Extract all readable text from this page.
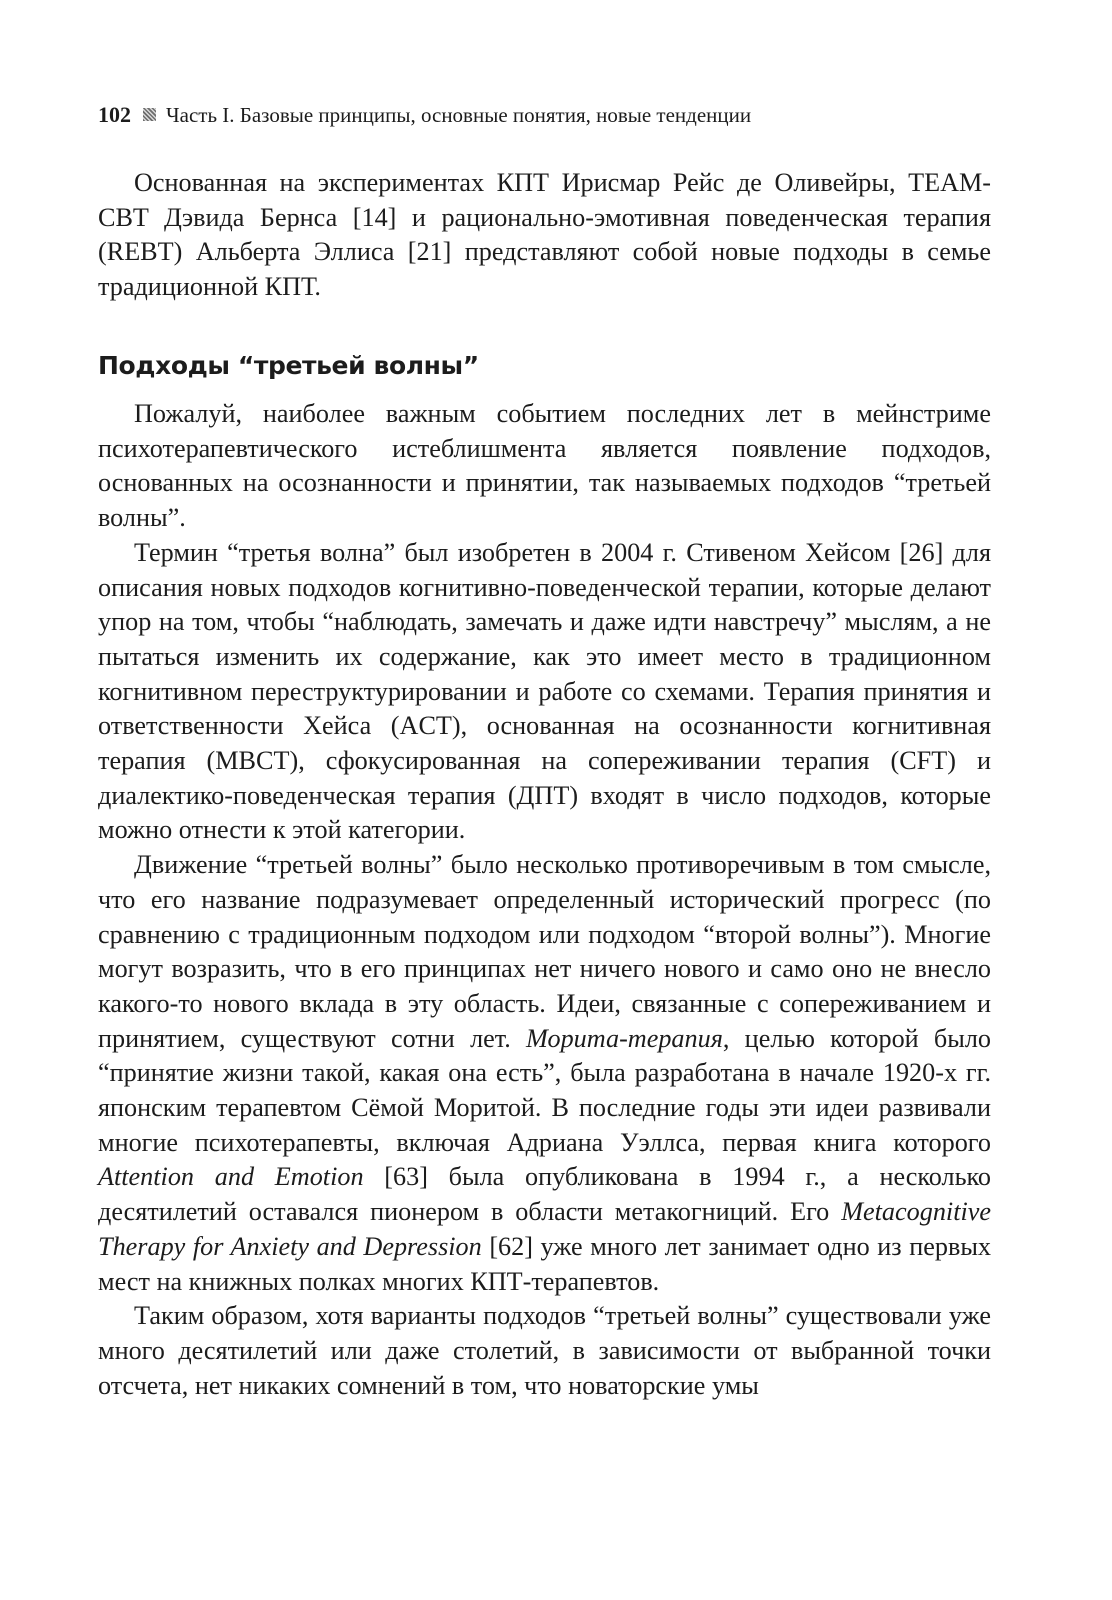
102 Часть I. Базовые принципы, основные понятия, новые тенденции

Основанная на экспериментах КПТ Ирисмар Рейс де Оливейры, TEAM-CBT Дэвида Бернса [14] и рационально-эмотивная поведенческая терапия (REBT) Альберта Эллиса [21] представляют собой новые подходы в семье традиционной КПТ.

Подходы “третьей волны”

Пожалуй, наиболее важным событием последних лет в мейнстриме психотерапевтического истеблишмента является появление подходов, основанных на осознанности и принятии, так называемых подходов “третьей волны”.

Термин “третья волна” был изобретен в 2004 г. Стивеном Хейсом [26] для описания новых подходов когнитивно-поведенческой терапии, которые делают упор на том, чтобы “наблюдать, замечать и даже идти навстречу” мыслям, а не пытаться изменить их содержание, как это имеет место в традиционном когнитивном переструктурировании и работе со схемами. Терапия принятия и ответственности Хейса (ACT), основанная на осознанности когнитивная терапия (MBCT), сфокусированная на сопереживании терапия (CFT) и диалектико-поведенческая терапия (ДПТ) входят в число подходов, которые можно отнести к этой категории.

Движение “третьей волны” было несколько противоречивым в том смысле, что его название подразумевает определенный исторический прогресс (по сравнению с традиционным подходом или подходом “второй волны”). Многие могут возразить, что в его принципах нет ничего нового и само оно не внесло какого-то нового вклада в эту область. Идеи, связанные с сопереживанием и принятием, существуют сотни лет. Морита-терапия, целью которой было “принятие жизни такой, какая она есть”, была разработана в начале 1920-х гг. японским терапевтом Сёмой Моритой. В последние годы эти идеи развивали многие психотерапевты, включая Адриана Уэллса, первая книга которого Attention and Emotion [63] была опубликована в 1994 г., а несколько десятилетий оставался пионером в области метакогниций. Его Metacognitive Therapy for Anxiety and Depression [62] уже много лет занимает одно из первых мест на книжных полках многих КПТ-терапевтов.

Таким образом, хотя варианты подходов “третьей волны” существовали уже много десятилетий или даже столетий, в зависимости от выбранной точки отсчета, нет никаких сомнений в том, что новаторские умы
